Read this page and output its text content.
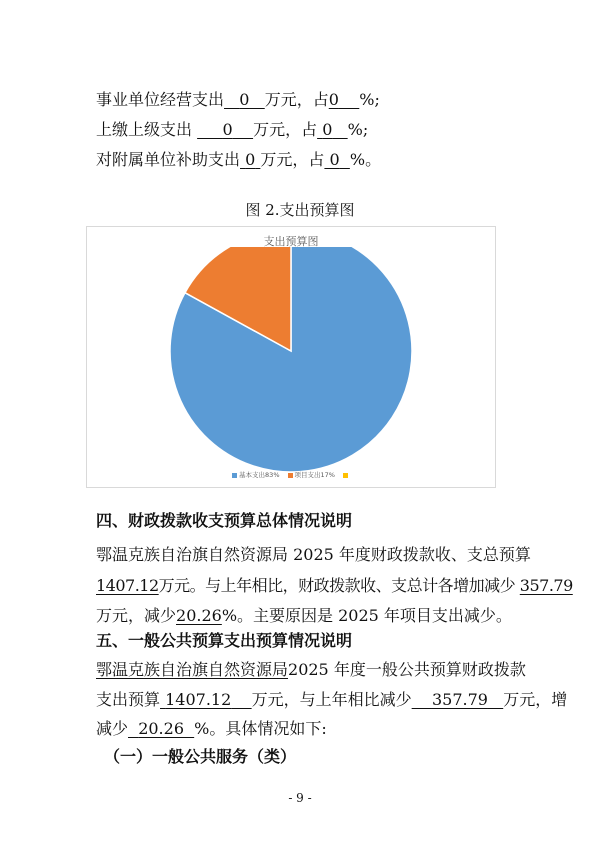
事业单位经营支出 0 万元，占0 %;
上缴上级支出 0 万元，占 0 %;
对附属单位补助支出 0 万元，占 0 %。
图 2.支出预算图
支出预算图
基本支出83% 项目支出17%
四、财政拨款收支预算总体情况说明
鄂温克族自治旗自然资源局 2025 年度财政拨款收、支总预算
1407.12万元。与上年相比，财政拨款收、支总计各增加减少 357.79
万元，减少20.26%。主要原因是 2025 年项目支出减少。
五、一般公共预算支出预算情况说明
鄂温克族自治旗自然资源局2025 年度一般公共预算财政拨款
支出预算 1407.12 万元，与上年相比减少 357.79 万元，增
减少 20.26 %。具体情况如下:
（一）一般公共服务（类）
- 9 -
